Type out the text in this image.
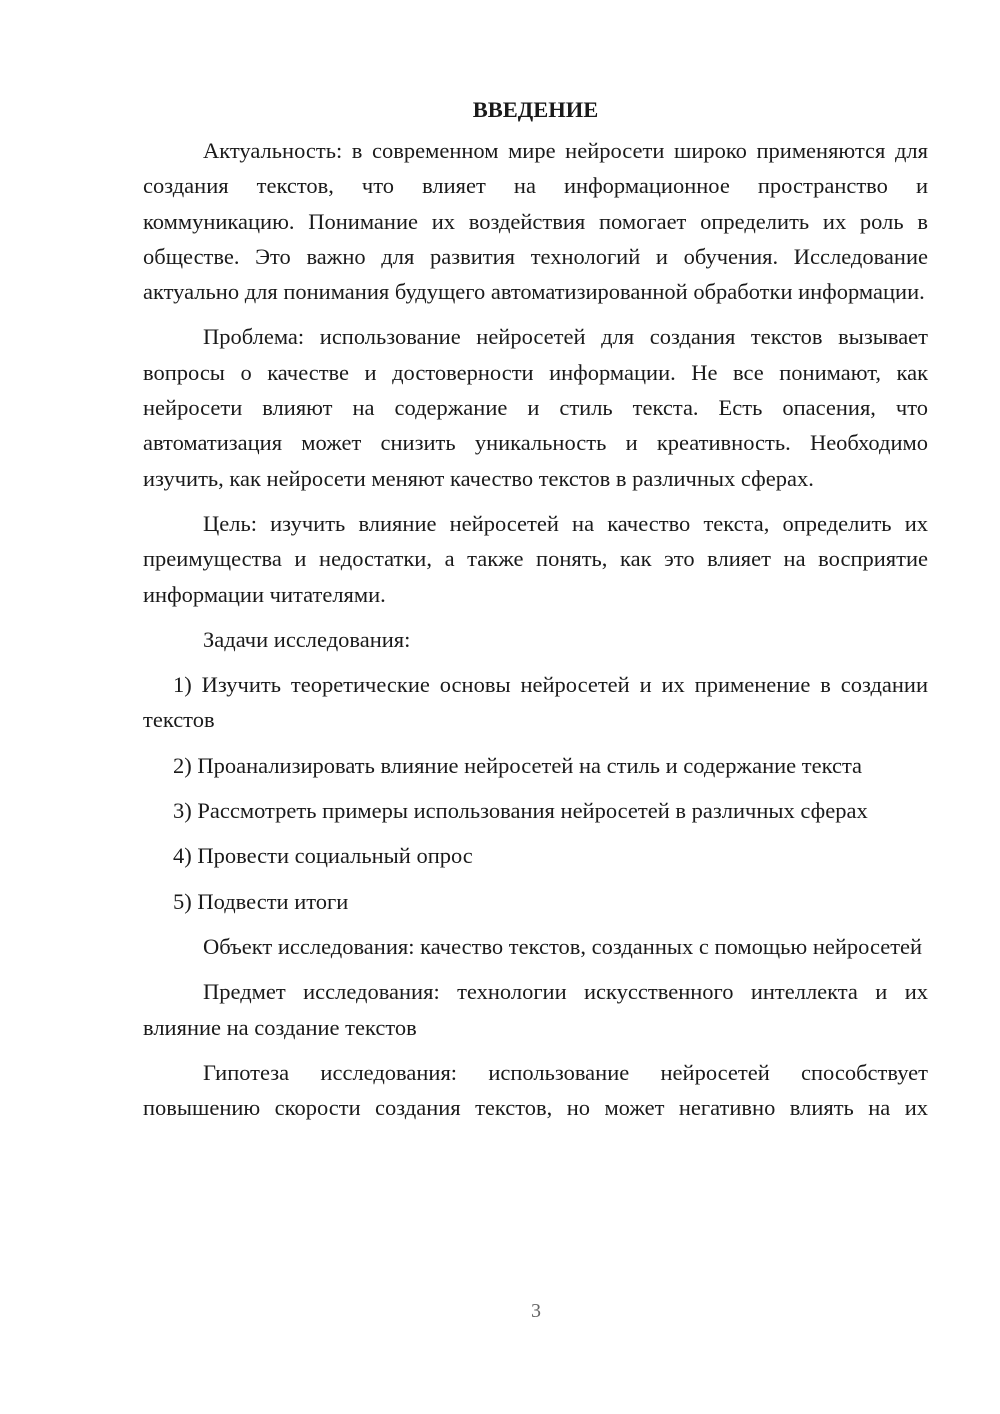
ВВЕДЕНИЕ

Актуальность: в современном мире нейросети широко применяются для создания текстов, что влияет на информационное пространство и коммуникацию. Понимание их воздействия помогает определить их роль в обществе. Это важно для развития технологий и обучения. Исследование актуально для понимания будущего автоматизированной обработки информации.

Проблема: использование нейросетей для создания текстов вызывает вопросы о качестве и достоверности информации. Не все понимают, как нейросети влияют на содержание и стиль текста. Есть опасения, что автоматизация может снизить уникальность и креативность. Необходимо изучить, как нейросети меняют качество текстов в различных сферах.

Цель: изучить влияние нейросетей на качество текста, определить их преимущества и недостатки, а также понять, как это влияет на восприятие информации читателями.

Задачи исследования:

1) Изучить теоретические основы нейросетей и их применение в создании текстов

2) Проанализировать влияние нейросетей на стиль и содержание текста

3) Рассмотреть примеры использования нейросетей в различных сферах

4) Провести социальный опрос

5) Подвести итоги

Объект исследования: качество текстов, созданных с помощью нейросетей

Предмет исследования: технологии искусственного интеллекта и их влияние на создание текстов

Гипотеза исследования: использование нейросетей способствует повышению скорости создания текстов, но может негативно влиять на их

3
